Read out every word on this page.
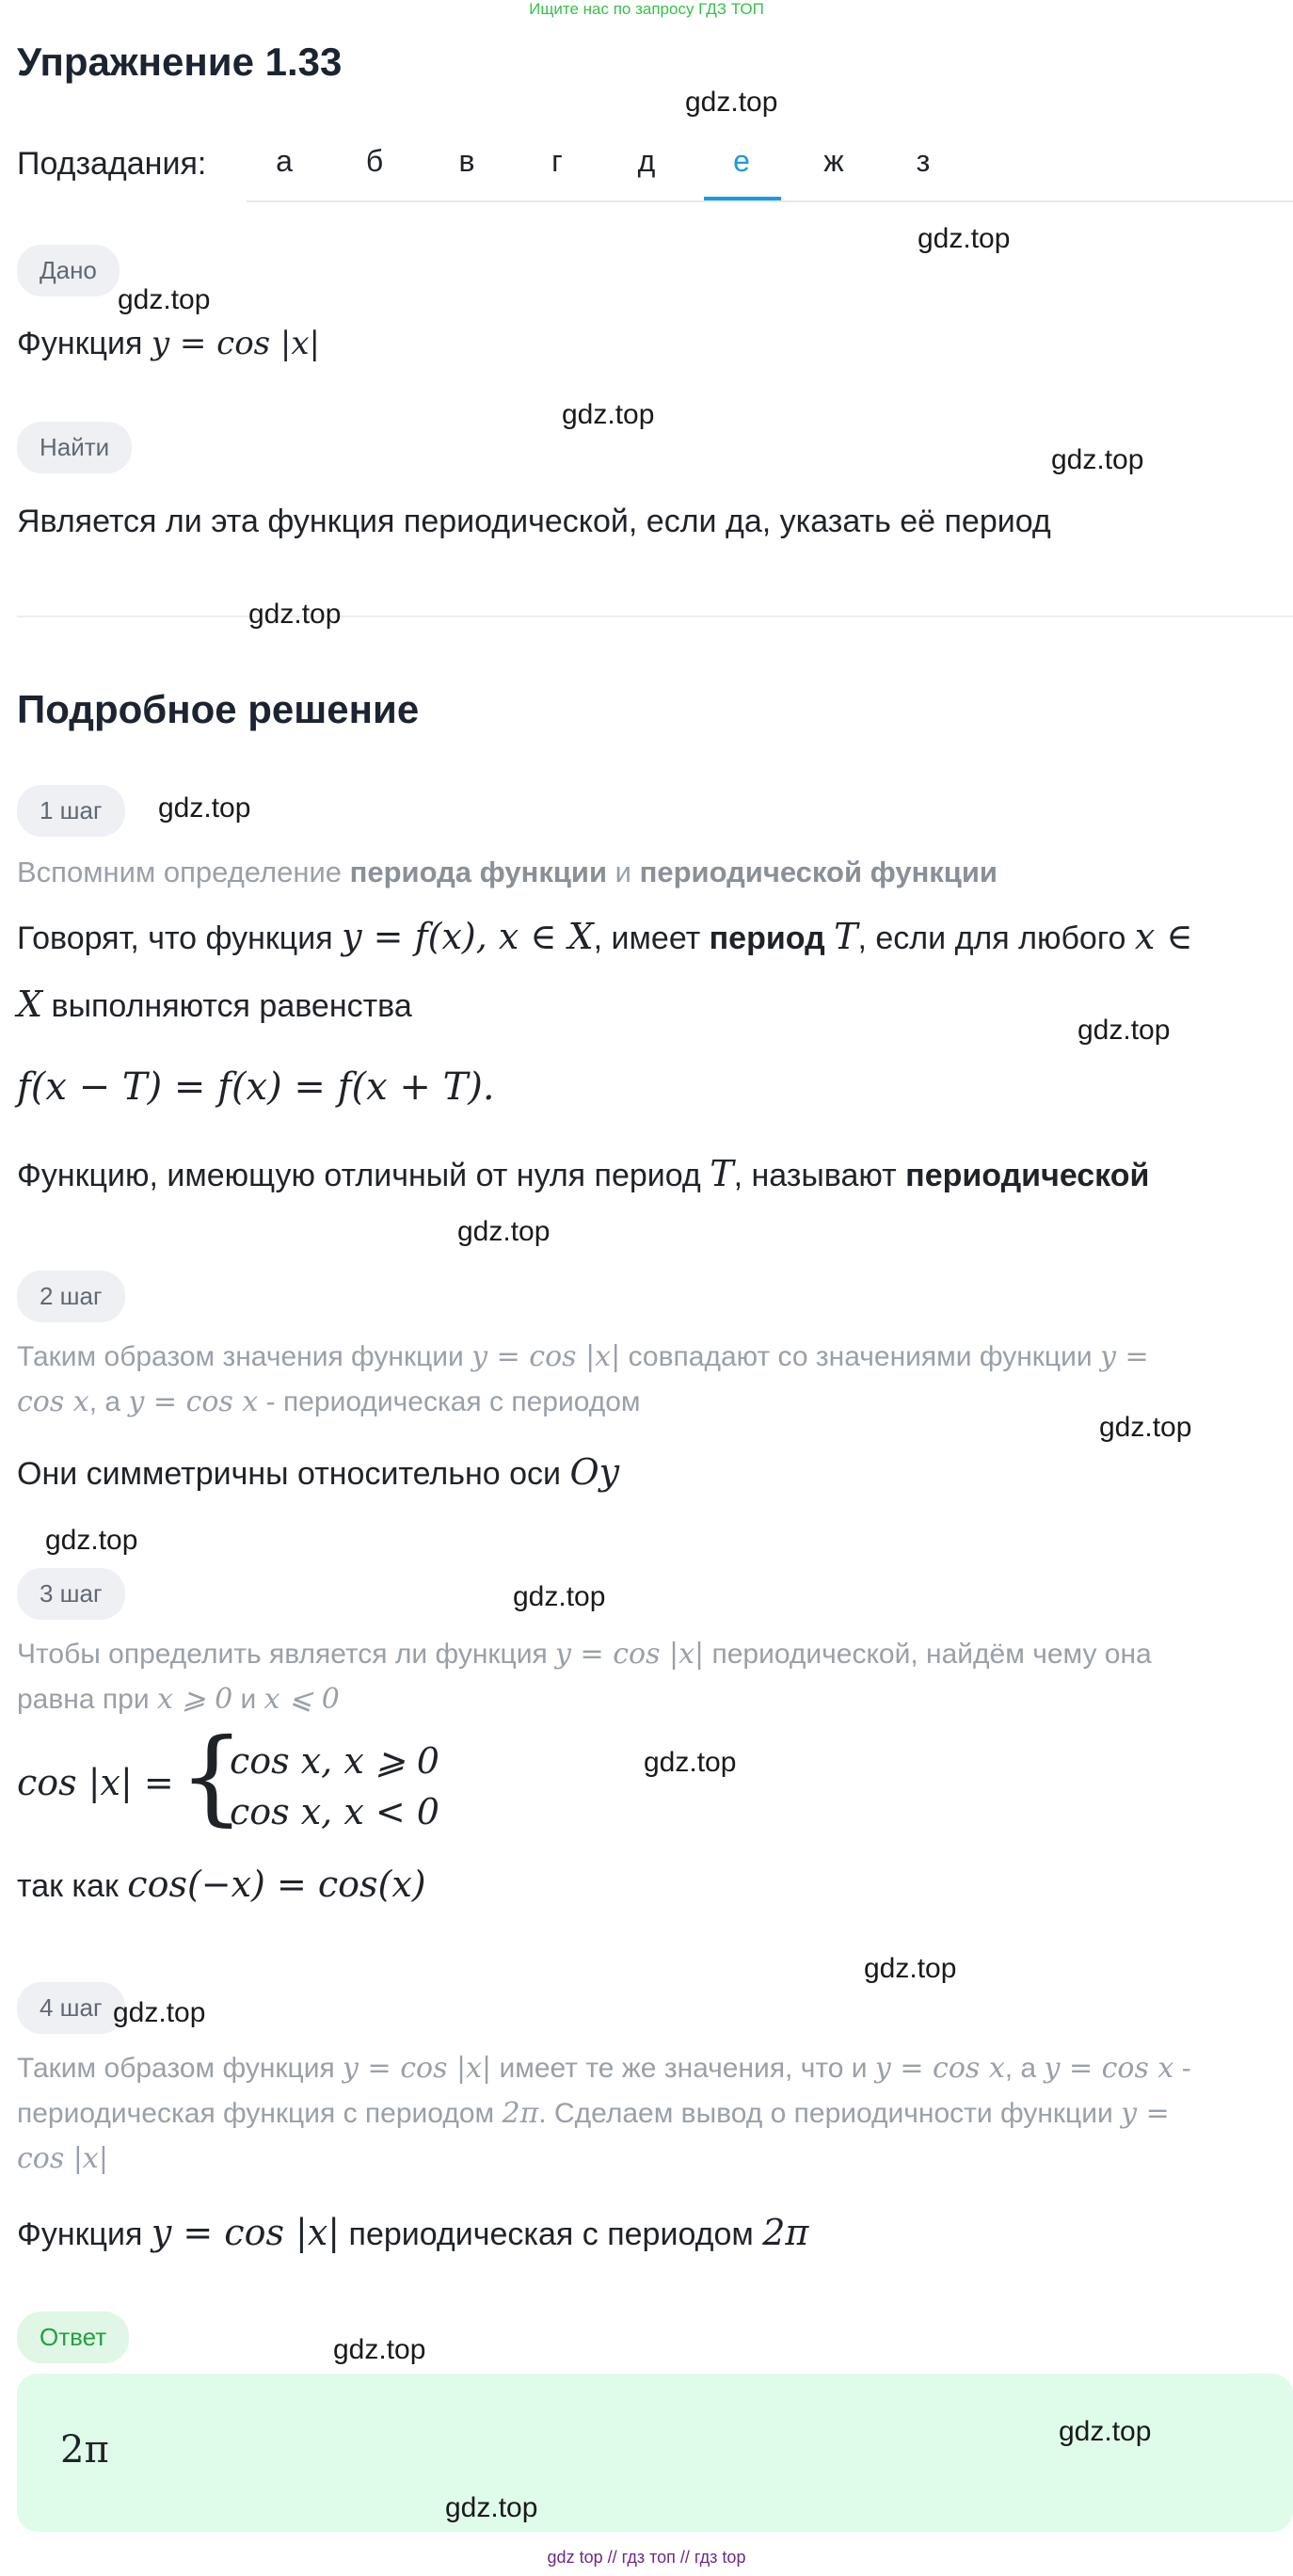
Ищите нас по запросу ГДЗ ТОП
Упражнение 1.33
Подзадания:	а	б	в	г	д	е	ж	з
Дано
Функция y = cos |x|
Найти
Является ли эта функция периодической, если да, указать её период
Подробное решение
1 шаг
Вспомним определение периода функции и периодической функции
Говорят, что функция y = f(x), x ∈ X, имеет период T, если для любого x ∈
X выполняются равенства
f(x − T) = f(x) = f(x + T).
Функцию, имеющую отличный от нуля период T, называют периодической
2 шаг
Таким образом значения функции y = cos |x| совпадают со значениями функции y =
cos x, а y = cos x - периодическая с периодом
Они симметричны относительно оси Oy
3 шаг
Чтобы определить является ли функция y = cos |x| периодической, найдём чему она
равна при x ⩾ 0 и x ⩽ 0
cos |x| = {
cos x, x ⩾ 0
cos x, x < 0
так как cos(−x) = cos(x)
4 шаг
Таким образом функция y = cos |x| имеет те же значения, что и y = cos x, а y = cos x -
периодическая функция с периодом 2π. Сделаем вывод о периодичности функции y =
cos |x|
Функция y = cos |x| периодическая с периодом 2π
Ответ
2π
gdz.top
gdz.top
gdz.top
gdz.top
gdz.top
gdz.top
gdz.top
gdz.top
gdz.top
gdz.top
gdz.top
gdz.top
gdz.top
gdz.top
gdz.top
gdz.top
gdz.top
gdz.top
gdz top // гдз топ // гдз top
